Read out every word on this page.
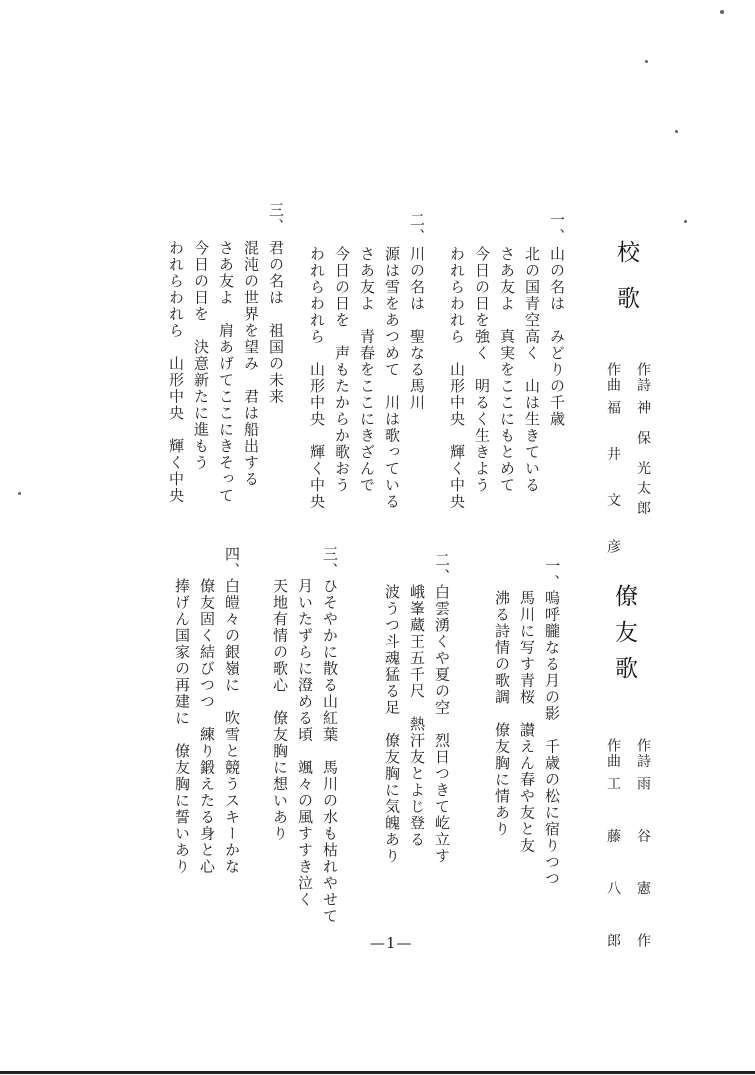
校
歌
作詩
神 保 光太郎
作曲
福 井 文 彦
一、
山の名は　みどりの千歳
北の国青空高く　山は生きている
さあ友よ　真実をここにもとめて
今日の日を強く　明るく生きよう
われらわれら　山形中央　輝く中央
二、
川の名は　聖なる馬川
源は雪をあつめて　川は歌っている
さあ友よ　青春をここにきざんで
今日の日を　声もたからか歌おう
われらわれら　山形中央　輝く中央
三、
君の名は　祖国の未来
混沌の世界を望み　君は船出する
さあ友よ　肩あげてここにきそって
今日の日を　決意新たに進もう
われらわれら　山形中央　輝く中央
僚
友
歌
作詩
雨 谷 憲 作
作曲
工 藤 八 郎
一、
嗚呼朧なる月の影　千歳の松に宿りつつ
馬川に写す青桜　讃えん春や友と友
沸る詩情の歌調　僚友胸に情あり
二、
白雲湧くや夏の空　烈日つきて屹立す
峨峯蔵王五千尺　熱汗友とよじ登る
波うつ斗魂猛る足　僚友胸に気魄あり
三、
ひそやかに散る山紅葉　馬川の水も枯れやせて
月いたずらに澄める頃　颯々の風すすき泣く
天地有情の歌心　僚友胸に想いあり
四、
白皚々の銀嶺に　吹雪と競うスキーかな
僚友固く結びつつ　練り鍛えたる身と心
捧げん国家の再建に　僚友胸に誓いあり
—1—
